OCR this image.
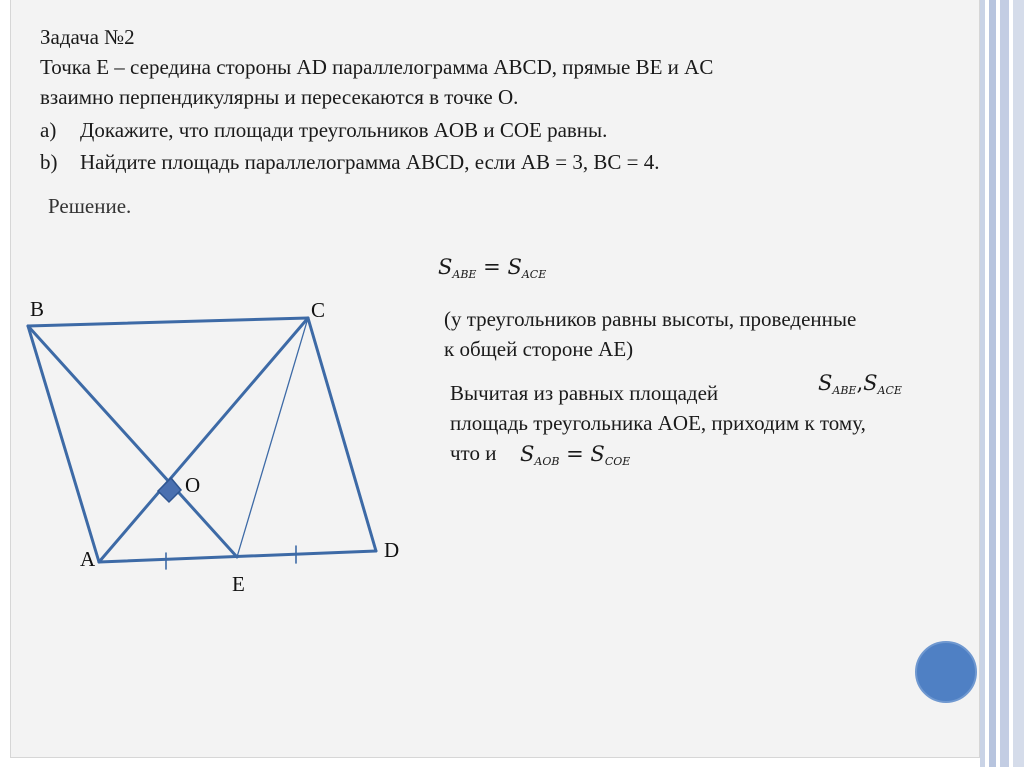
Задача №2
Точка Е – середина стороны AD параллелограмма ABCD, прямые BE и AC
взаимно перпендикулярны и пересекаются в точке О.
a) Докажите, что площади треугольников AOB и COE равны.
b) Найдите площадь параллелограмма ABCD, если AB = 3, BC = 4.
Решение.
$S_{ABE} = S_{ACE}$
(у треугольников равны высоты, проведенные
к общей стороне AE)
Вычитая из равных площадей	$S_{ABE},S_{ACE}$
площадь треугольника AOE, приходим к тому,
что и $S_{AOB} = S_{COE}$
B	C
O
A	D
E
